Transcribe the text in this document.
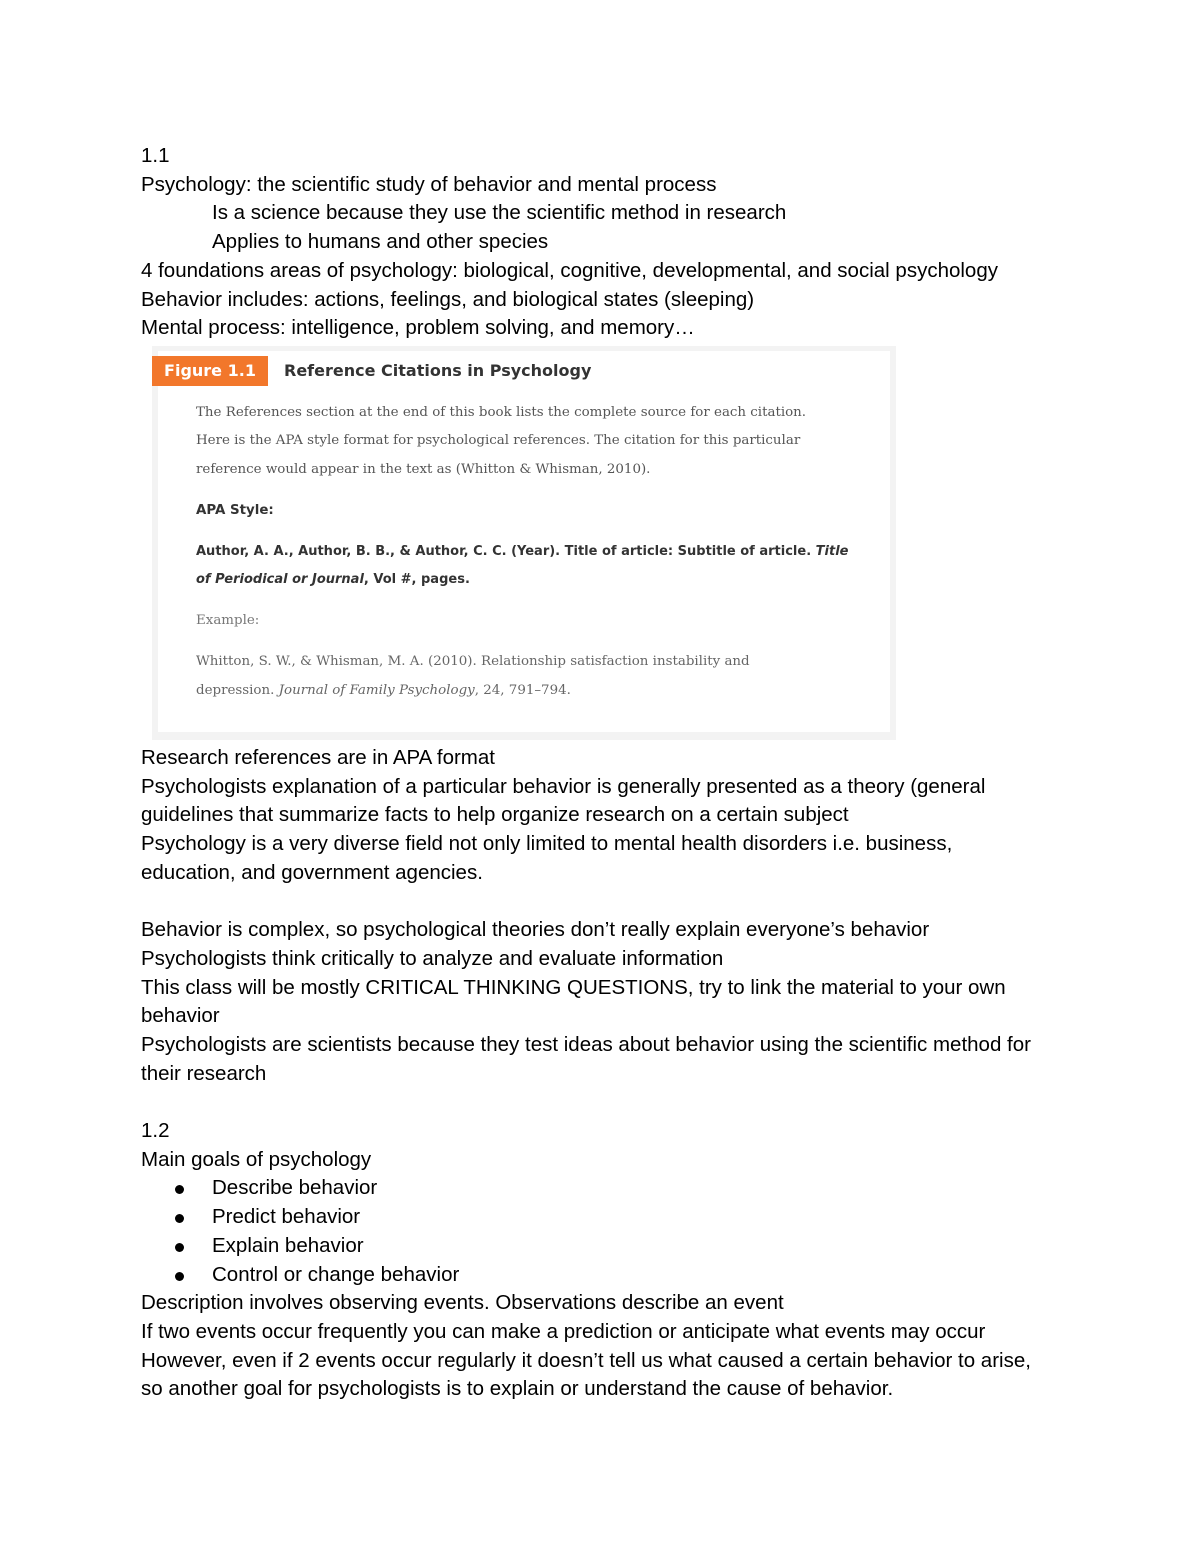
1.1

Psychology: the scientific study of behavior and mental process

Is a science because they use the scientific method in research

Applies to humans and other species

4 foundations areas of psychology: biological, cognitive, developmental, and social psychology

Behavior includes: actions, feelings, and biological states (sleeping)

Mental process: intelligence, problem solving, and memory…

Figure 1.1	Reference Citations in Psychology

The References section at the end of this book lists the complete source for each citation.

Here is the APA style format for psychological references. The citation for this particular

reference would appear in the text as (Whitton & Whisman, 2010).

APA Style:

Author, A. A., Author, B. B., & Author, C. C. (Year). Title of article: Subtitle of article. Title

of Periodical or Journal, Vol #, pages.

Example:

Whitton, S. W., & Whisman, M. A. (2010). Relationship satisfaction instability and

depression. Journal of Family Psychology, 24, 791–794.

Research references are in APA format

Psychologists explanation of a particular behavior is generally presented as a theory (general guidelines that summarize facts to help organize research on a certain subject

Psychology is a very diverse field not only limited to mental health disorders i.e. business, education, and government agencies.

Behavior is complex, so psychological theories don’t really explain everyone’s behavior

Psychologists think critically to analyze and evaluate information

This class will be mostly CRITICAL THINKING QUESTIONS, try to link the material to your own behavior

Psychologists are scientists because they test ideas about behavior using the scientific method for their research

1.2

Main goals of psychology

Describe behavior
Predict behavior
Explain behavior
Control or change behavior

Description involves observing events. Observations describe an event

If two events occur frequently you can make a prediction or anticipate what events may occur

However, even if 2 events occur regularly it doesn’t tell us what caused a certain behavior to arise, so another goal for psychologists is to explain or understand the cause of behavior.
